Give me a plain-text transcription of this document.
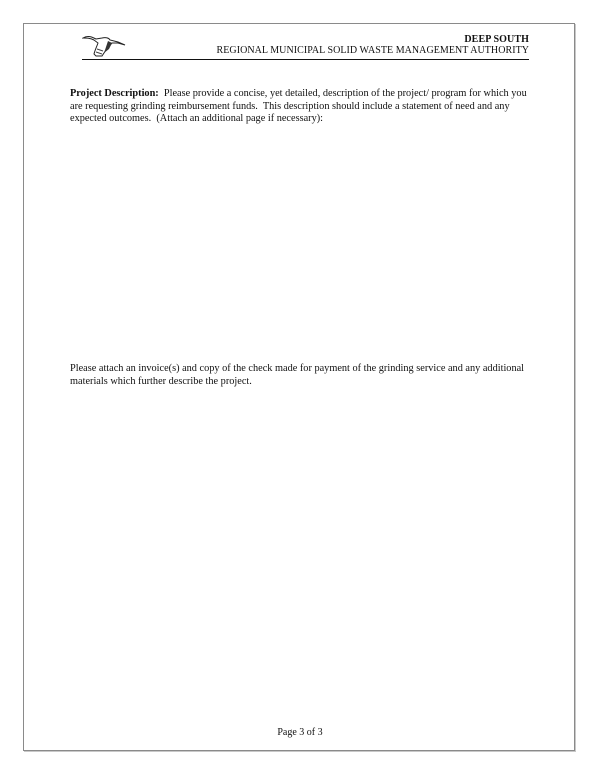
DEEP SOUTH
REGIONAL MUNICIPAL SOLID WASTE MANAGEMENT AUTHORITY
Project Description:  Please provide a concise, yet detailed, description of the project/ program for which you are requesting grinding reimbursement funds.  This description should include a statement of need and any expected outcomes.  (Attach an additional page if necessary):
Please attach an invoice(s) and copy of the check made for payment of the grinding service and any additional materials which further describe the project.
Page 3 of 3
